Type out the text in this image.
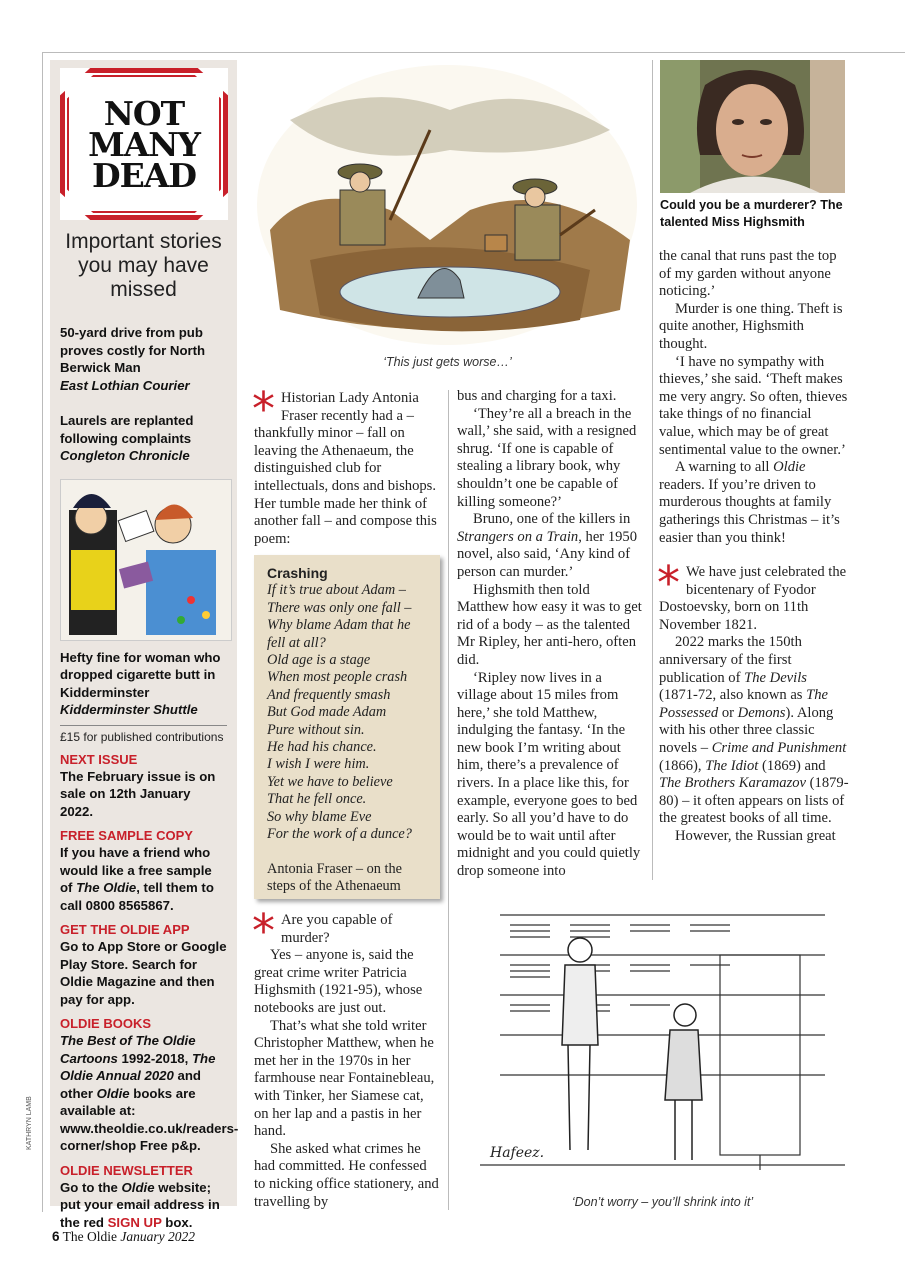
KATHRYN LAMB
NOT
MANY
DEAD
Important stories you may have missed
50-yard drive from pub proves costly for North Berwick Man
East Lothian Courier
Laurels are replanted following complaints
Congleton Chronicle
Hefty fine for woman who dropped cigarette butt in Kidderminster
Kidderminster Shuttle
£15 for published contributions
NEXT ISSUE
The February issue is on sale on 12th January 2022.
FREE SAMPLE COPY
If you have a friend who would like a free sample of The Oldie, tell them to call 0800 8565867.
GET THE OLDIE APP
Go to App Store or Google Play Store. Search for Oldie Magazine and then pay for app.
OLDIE BOOKS
The Best of The Oldie Cartoons 1992-2018, The Oldie Annual 2020 and other Oldie books are available at: www.theoldie.co.uk/readers-corner/shop Free p&p.
OLDIE NEWSLETTER
Go to the Oldie website; put your email address in the red SIGN UP box.
‘This just gets worse…’
Could you be a murderer? The talented Miss Highsmith

* Historian Lady Antonia Fraser recently had a – thankfully minor – fall on leaving the Athenaeum, the distinguished club for intellectuals, dons and bishops. Her tumble made her think of another fall – and compose this poem:

Crashing
If it’s true about Adam –
There was only one fall –
Why blame Adam that he
fell at all?
Old age is a stage
When most people crash
And frequently smash
But God made Adam
Pure without sin.
He had his chance.
I wish I were him.
Yet we have to believe
That he fell once.
So why blame Eve
For the work of a dunce?
Antonia Fraser – on the steps of the Athenaeum

* Are you capable of murder?

Yes – anyone is, said the great crime writer Patricia Highsmith (1921-95), whose notebooks are just out.

That’s what she told writer Christopher Matthew, when he met her in the 1970s in her farmhouse near Fontainebleau, with Tinker, her Siamese cat, on her lap and a pastis in her hand.

She asked what crimes he had committed. He confessed to nicking office stationery, and travelling by

bus and charging for a taxi.

‘They’re all a breach in the wall,’ she said, with a resigned shrug. ‘If one is capable of stealing a library book, why shouldn’t one be capable of killing someone?’

Bruno, one of the killers in Strangers on a Train, her 1950 novel, also said, ‘Any kind of person can murder.’

Highsmith then told Matthew how easy it was to get rid of a body – as the talented Mr Ripley, her anti-hero, often did.

‘Ripley now lives in a village about 15 miles from here,’ she told Matthew, indulging the fantasy. ‘In the new book I’m writing about him, there’s a prevalence of rivers. In a place like this, for example, everyone goes to bed early. So all you’d have to do would be to wait until after midnight and you could quietly drop someone into

the canal that runs past the top of my garden without anyone noticing.’

Murder is one thing. Theft is quite another, Highsmith thought.

‘I have no sympathy with thieves,’ she said. ‘Theft makes me very angry. So often, thieves take things of no financial value, which may be of great sentimental value to the owner.’

A warning to all Oldie readers. If you’re driven to murderous thoughts at family gatherings this Christmas – it’s easier than you think!

* We have just celebrated the bicentenary of Fyodor Dostoevsky, born on 11th November 1821.

2022 marks the 150th anniversary of the first publication of The Devils (1871-72, also known as The Possessed or Demons). Along with his other three classic novels – Crime and Punishment (1866), The Idiot (1869) and The Brothers Karamazov (1879-80) – it often appears on lists of the greatest books of all time.

However, the Russian great

Hafeez.
‘Don’t worry – you’ll shrink into it’
6 The Oldie January 2022
